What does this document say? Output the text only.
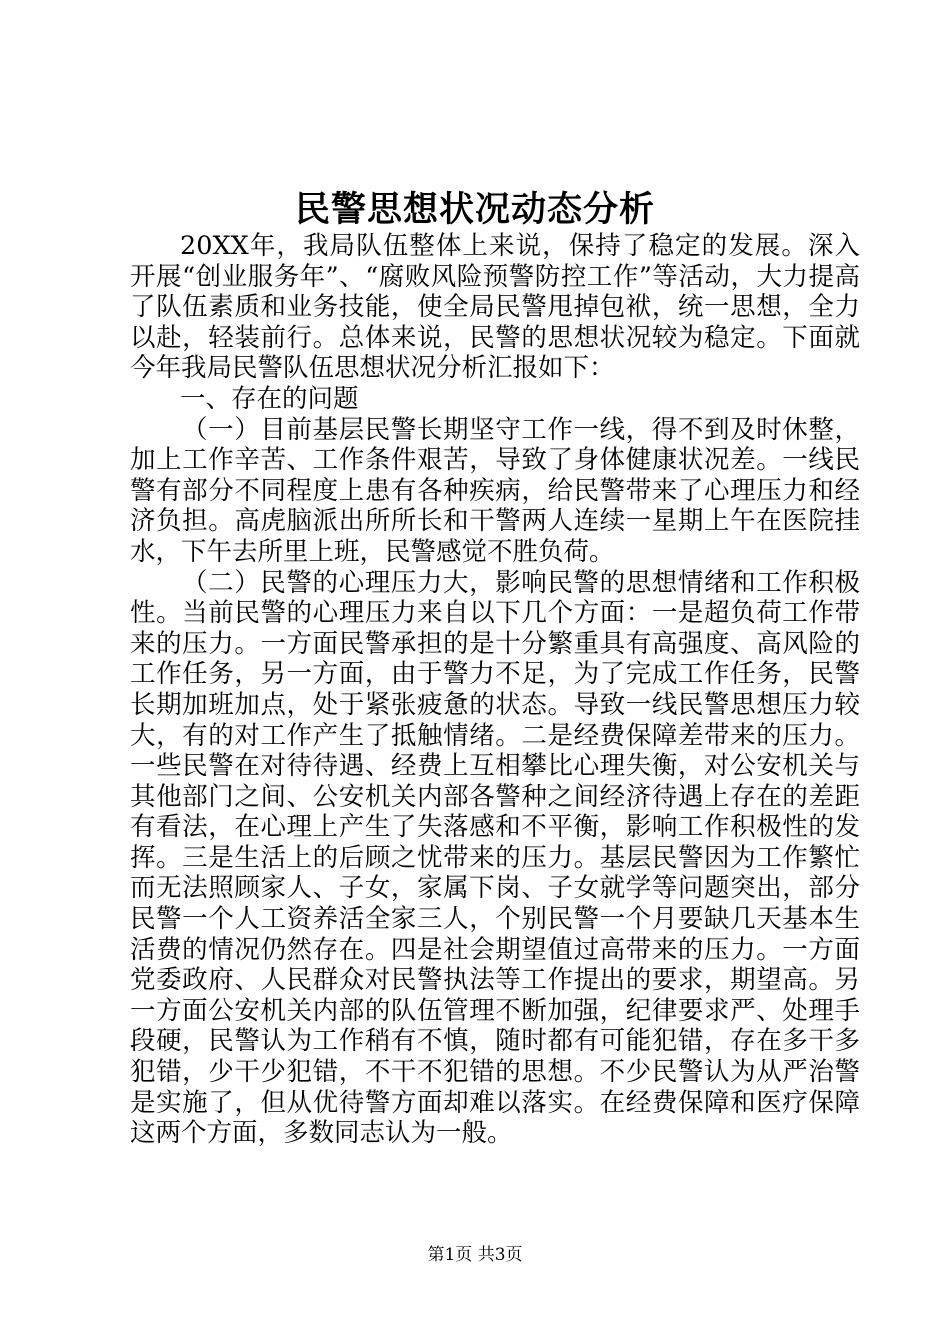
民警思想状况动态分析

20XX年，我局队伍整体上来说，保持了稳定的发展。深入开展“创业服务年”、“腐败风险预警防控工作”等活动，大力提高了队伍素质和业务技能，使全局民警甩掉包袱，统一思想，全力以赴，轻装前行。总体来说，民警的思想状况较为稳定。下面就今年我局民警队伍思想状况分析汇报如下：

一、存在的问题

（一）目前基层民警长期坚守工作一线，得不到及时休整，加上工作辛苦、工作条件艰苦，导致了身体健康状况差。一线民警有部分不同程度上患有各种疾病，给民警带来了心理压力和经济负担。高虎脑派出所所长和干警两人连续一星期上午在医院挂水，下午去所里上班，民警感觉不胜负荷。

（二）民警的心理压力大，影响民警的思想情绪和工作积极性。当前民警的心理压力来自以下几个方面：一是超负荷工作带来的压力。一方面民警承担的是十分繁重具有高强度、高风险的工作任务，另一方面，由于警力不足，为了完成工作任务，民警长期加班加点，处于紧张疲惫的状态。导致一线民警思想压力较大，有的对工作产生了抵触情绪。二是经费保障差带来的压力。一些民警在对待待遇、经费上互相攀比心理失衡，对公安机关与其他部门之间、公安机关内部各警种之间经济待遇上存在的差距有看法，在心理上产生了失落感和不平衡，影响工作积极性的发挥。三是生活上的后顾之忧带来的压力。基层民警因为工作繁忙而无法照顾家人、子女，家属下岗、子女就学等问题突出，部分民警一个人工资养活全家三人，个别民警一个月要缺几天基本生活费的情况仍然存在。四是社会期望值过高带来的压力。一方面党委政府、人民群众对民警执法等工作提出的要求，期望高。另一方面公安机关内部的队伍管理不断加强，纪律要求严、处理手段硬，民警认为工作稍有不慎，随时都有可能犯错，存在多干多犯错，少干少犯错，不干不犯错的思想。不少民警认为从严治警是实施了，但从优待警方面却难以落实。在经费保障和医疗保障这两个方面，多数同志认为一般。

第1页 共3页
